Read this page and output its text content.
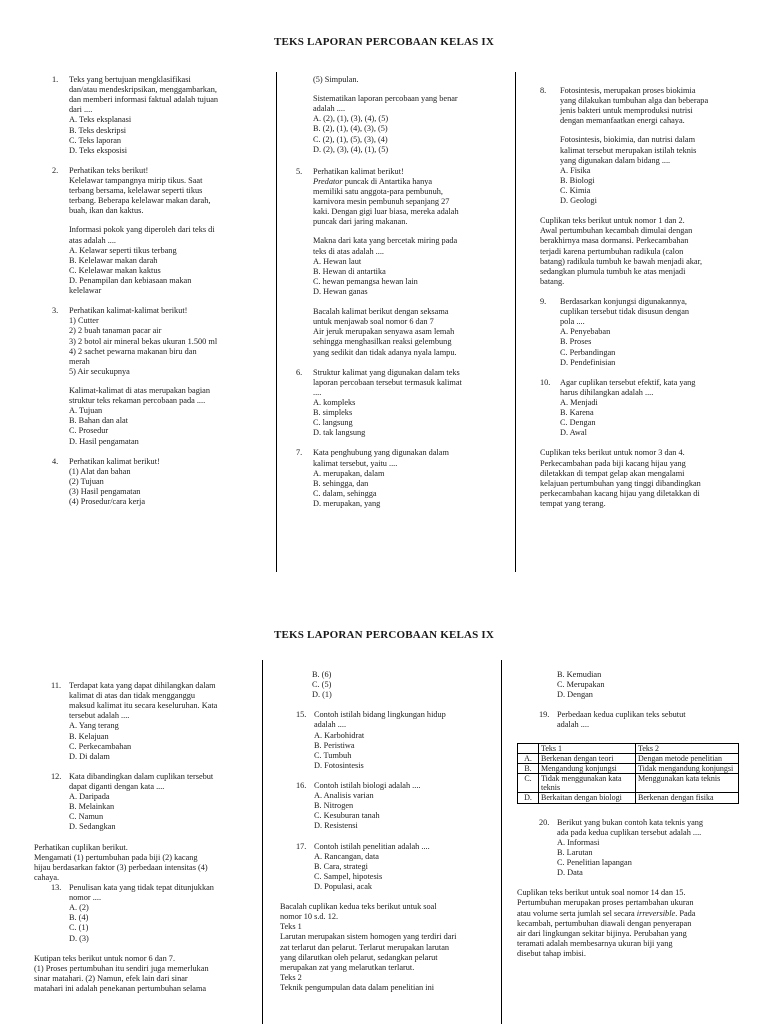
TEKS LAPORAN PERCOBAAN KELAS IX
1.	Teks yang bertujuan mengklasifikasi
dan/atau mendeskripsikan, menggambarkan,
dan memberi informasi faktual adalah tujuan
dari ....
A. Teks eksplanasi
B. Teks deskripsi
C. Teks laporan
D. Teks eksposisi
2.	Perhatikan teks berikut!
Kelelawar tampangnya mirip tikus. Saat
terbang bersama, kelelawar seperti tikus
terbang. Beberapa kelelawar makan darah,
buah, ikan dan kaktus.
Informasi pokok yang diperoleh dari teks di
atas adalah ....
A. Kelawar seperti tikus terbang
B. Kelelawar makan darah
C. Kelelawar makan kaktus
D. Penampilan dan kebiasaan makan
kelelawar
3.	Perhatikan kalimat-kalimat berikut!
1) Cutter
2) 2 buah tanaman pacar air
3) 2 botol air mineral bekas ukuran 1.500 ml
4) 2 sachet pewarna makanan biru dan
merah
5) Air secukupnya
Kalimat-kalimat di atas merupakan bagian
struktur teks rekaman percobaan pada ....
A. Tujuan
B. Bahan dan alat
C. Prosedur
D. Hasil pengamatan
4.	Perhatikan kalimat berikut!
(1) Alat dan bahan
(2) Tujuan
(3) Hasil pengamatan
(4) Prosedur/cara kerja
(5) Simpulan.
Sistematikan laporan percobaan yang benar
adalah ....
A. (2), (1), (3), (4), (5)
B. (2), (1), (4), (3), (5)
C. (2), (1), (5), (3), (4)
D. (2), (3), (4), (1), (5)
5.	Perhatikan kalimat berikut!
Predator puncak di Antartika hanya
memiliki satu anggota-para pembunuh,
karnivora mesin pembunuh sepanjang 27
kaki. Dengan gigi luar biasa, mereka adalah
puncak dari jaring makanan.
Makna dari kata yang bercetak miring pada
teks di atas adalah ....
A. Hewan laut
B. Hewan di antartika
C. hewan pemangsa hewan lain
D. Hewan ganas
Bacalah kalimat berikut dengan seksama
untuk menjawab soal nomor 6 dan 7
Air jeruk merupakan senyawa asam lemah
sehingga menghasilkan reaksi gelembung
yang sedikit dan tidak adanya nyala lampu.
6.	Struktur kalimat yang digunakan dalam teks
laporan percobaan tersebut termasuk kalimat
....
A. kompleks
B. simpleks
C. langsung
D. tak langsung
7.	Kata penghubung yang digunakan dalam
kalimat tersebut, yaitu ....
A. merupakan, dalam
B. sehingga, dan
C. dalam, sehingga
D. merupakan, yang
8.	Fotosintesis, merupakan proses biokimia
yang dilakukan tumbuhan alga dan beberapa
jenis bakteri untuk memproduksi nutrisi
dengan memanfaatkan energi cahaya.
Fotosintesis, biokimia, dan nutrisi dalam
kalimat tersebut merupakan istilah teknis
yang digunakan dalam bidang ....
A. Fisika
B. Biologi
C. Kimia
D. Geologi
Cuplikan teks berikut untuk nomor 1 dan 2.
Awal pertumbuhan kecambah dimulai dengan
berakhirnya masa dormansi. Perkecambahan
terjadi karena pertumbuhan radikula (calon
batang) radikula tumbuh ke bawah menjadi akar,
sedangkan plumula tumbuh ke atas menjadi
batang.
9.	Berdasarkan konjungsi digunakannya,
cuplikan tersebut tidak disusun dengan
pola ....
A. Penyebaban
B. Proses
C. Perbandingan
D. Pendefinisian
10.	Agar cuplikan tersebut efektif, kata yang
harus dihilangkan adalah ....
A. Menjadi
B. Karena
C. Dengan
D. Awal
Cuplikan teks berikut untuk nomor 3 dan 4.
Perkecambahan pada biji kacang hijau yang
diletakkan di tempat gelap akan mengalami
kelajuan pertumbuhan yang tinggi dibandingkan
perkecambahan kacang hijau yang diletakkan di
tempat yang terang.
TEKS LAPORAN PERCOBAAN KELAS IX
11. Terdapat kata yang dapat dihilangkan dalam
kalimat di atas dan tidak mengganggu
maksud kalimat itu secara keseluruhan. Kata
tersebut adalah ....
A. Yang terang
B. Kelajuan
C. Perkecambahan
D. Di dalam
12. Kata dibandingkan dalam cuplikan tersebut
dapat diganti dengan kata ....
A. Daripada
B. Melainkan
C. Namun
D. Sedangkan
Perhatikan cuplikan berikut.
Mengamati (1) pertumbuhan pada biji (2) kacang
hijau berdasarkan faktor (3) perbedaan intensitas (4)
cahaya.
13. Penulisan kata yang tidak tepat ditunjukkan
nomor ....
A. (2)
B. (4)
C. (1)
D. (3)
Kutipan teks berikut untuk nomor 6 dan 7.
(1) Proses pertumbuhan itu sendiri juga memerlukan
sinar matahari. (2) Namun, efek lain dari sinar
matahari ini adalah penekanan pertumbuhan selama
B. (6)
C. (5)
D. (1)
15. Contoh istilah bidang lingkungan hidup
adalah ....
A. Karbohidrat
B. Peristiwa
C. Tumbuh
D. Fotosintesis
16. Contoh istilah biologi adalah ....
A. Analisis varian
B. Nitrogen
C. Kesuburan tanah
D. Resistensi
17. Contoh istilah penelitian adalah ....
A. Rancangan, data
B. Cara, strategi
C. Sampel, hipotesis
D. Populasi, acak
Bacalah cuplikan kedua teks berikut untuk soal
nomor 10 s.d. 12.
Teks 1
Larutan merupakan sistem homogen yang terdiri dari
zat terlarut dan pelarut. Terlarut merupakan larutan
yang dilarutkan oleh pelarut, sedangkan pelarut
merupakan zat yang melarutkan terlarut.
Teks 2
Teknik pengumpulan data dalam penelitian ini
B. Kemudian
C. Merupakan
D. Dengan
19. Perbedaan kedua cuplikan teks sebutut
adalah ....
	Teks 1	Teks 2
A.	Berkenan dengan teori	Dengan metode penelitian
B.	Mengandung konjungsi	Tidak mengandung konjungsi
C.	Tidak menggunakan kata teknis	Menggunakan kata teknis
D.	Berkaitan dengan biologi	Berkenan dengan fisika
20. Berikut yang bukan contoh kata teknis yang
ada pada kedua cuplikan tersebut adalah ....
A. Informasi
B. Larutan
C. Penelitian lapangan
D. Data
Cuplikan teks berikut untuk soal nomor 14 dan 15.
Pertumbuhan merupakan proses pertambahan ukuran
atau volume serta jumlah sel secara irreversible. Pada
kecambah, pertumbuhan diawali dengan penyerapan
air dari lingkungan sekitar bijinya. Perubahan yang
teramati adalah membesarnya ukuran biji yang
disebut tahap imbisi.
